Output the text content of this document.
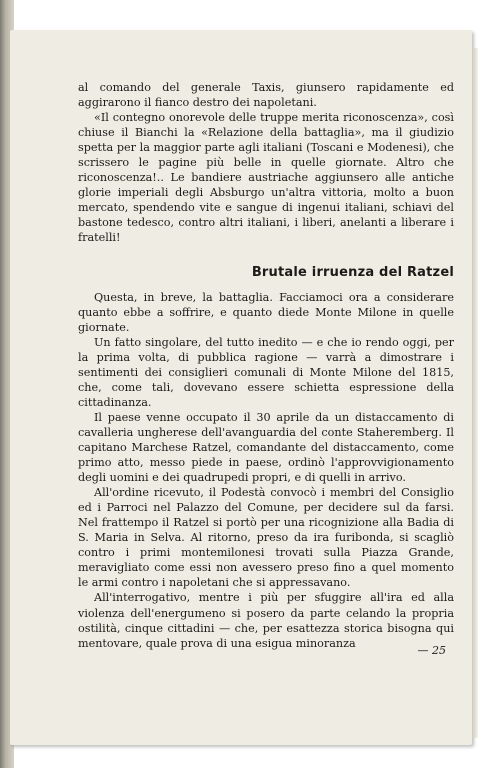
al comando del generale Taxis, giunsero rapidamente ed aggirarono il fianco destro dei napoletani.

«Il contegno onorevole delle truppe merita riconoscenza», così chiuse il Bianchi la «Relazione della battaglia», ma il giudizio spetta per la maggior parte agli italiani (Toscani e Modenesi), che scrissero le pagine più belle in quelle giornate. Altro che riconoscenza!.. Le bandiere austriache aggiunsero alle antiche glorie imperiali degli Absburgo un'altra vittoria, molto a buon mercato, spendendo vite e sangue di ingenui italiani, schiavi del bastone tedesco, contro altri italiani, i liberi, anelanti a liberare i fratelli!

Brutale irruenza del Ratzel

Questa, in breve, la battaglia. Facciamoci ora a considerare quanto ebbe a soffrire, e quanto diede Monte Milone in quelle giornate.

Un fatto singolare, del tutto inedito — e che io rendo oggi, per la prima volta, di pubblica ragione — varrà a dimostrare i sentimenti dei consiglieri comunali di Monte Milone del 1815, che, come tali, dovevano essere schietta espressione della cittadinanza.

Il paese venne occupato il 30 aprile da un distaccamento di cavalleria ungherese dell'avanguardia del conte Staheremberg. Il capitano Marchese Ratzel, comandante del distaccamento, come primo atto, messo piede in paese, ordinò l'approvvigionamento degli uomini e dei quadrupedi propri, e di quelli in arrivo.

All'ordine ricevuto, il Podestà convocò i membri del Consiglio ed i Parroci nel Palazzo del Comune, per decidere sul da farsi. Nel frattempo il Ratzel si portò per una ricognizione alla Badia di S. Maria in Selva. Al ritorno, preso da ira furibonda, si scagliò contro i primi montemilonesi trovati sulla Piazza Grande, meravigliato come essi non avessero preso fino a quel momento le armi contro i napoletani che si appressavano.

All'interrogativo, mentre i più per sfuggire all'ira ed alla violenza dell'energumeno si posero da parte celando la propria ostilità, cinque cittadini — che, per esattezza storica bisogna qui mentovare, quale prova di una esigua minoranza

— 25
